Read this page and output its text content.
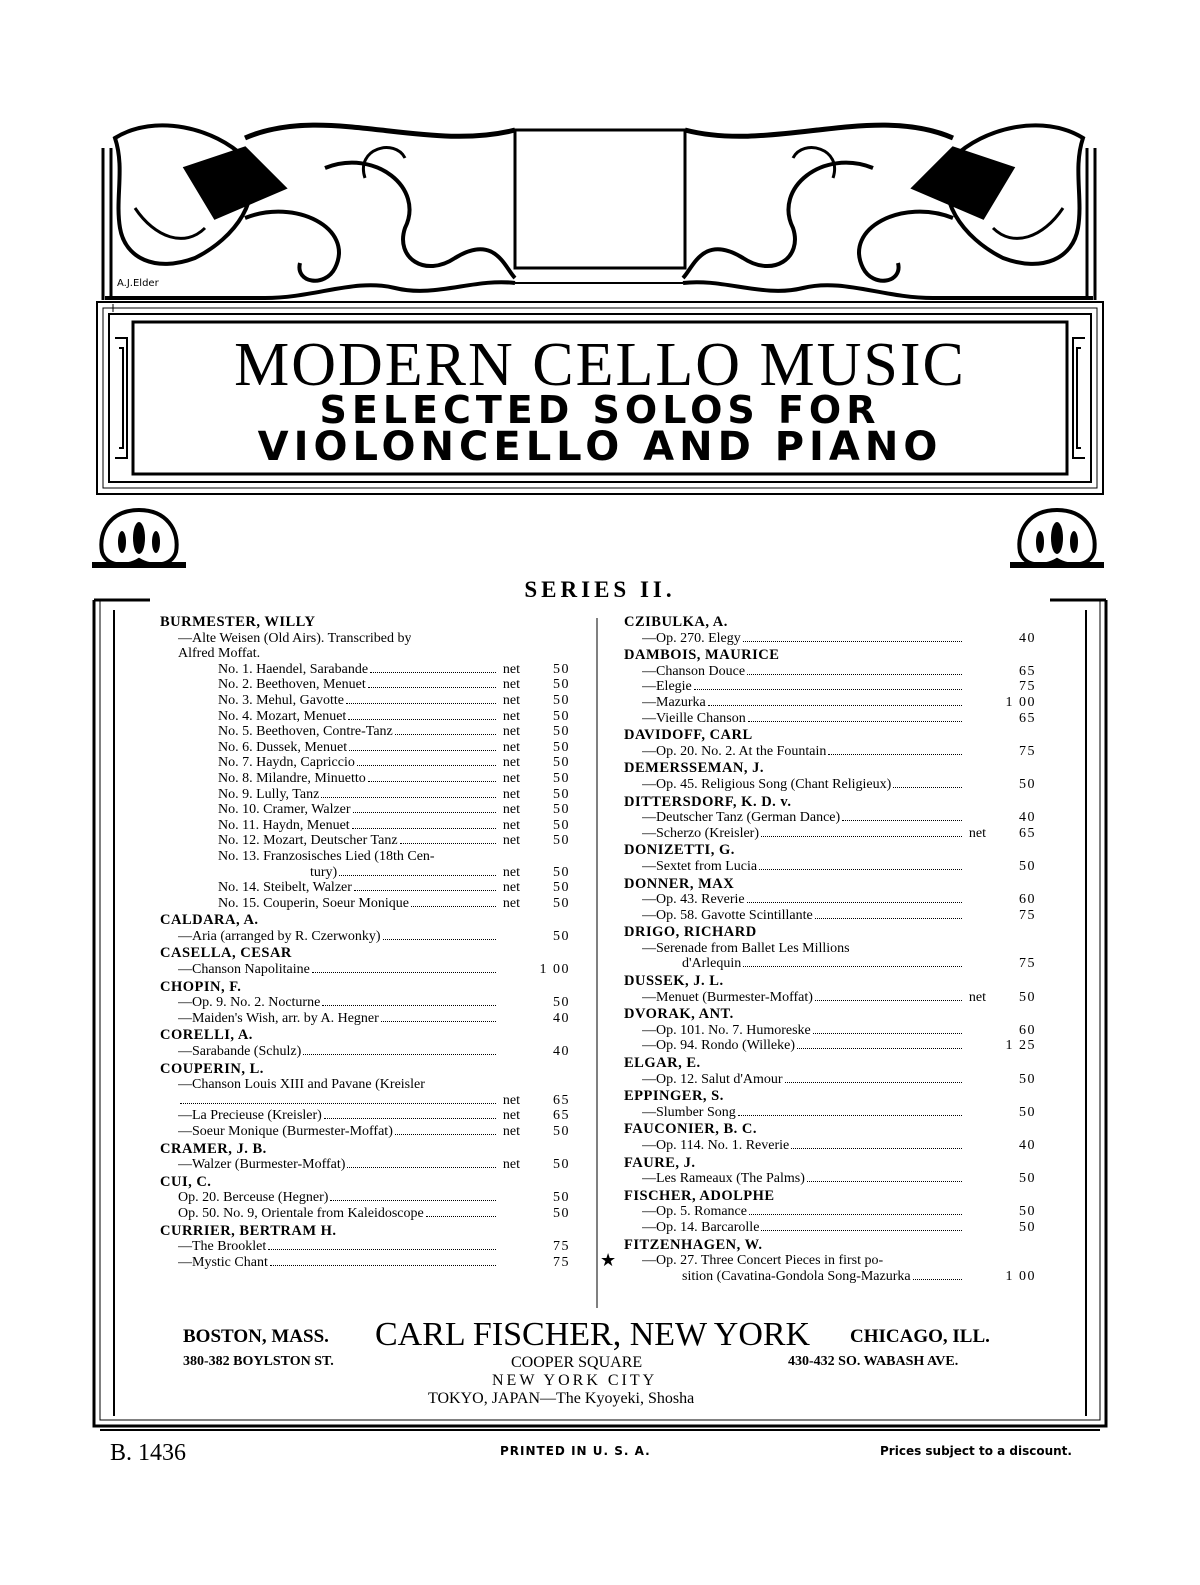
A.J.Elder
MODERN CELLO MUSIC
SELECTED SOLOS FOR
VIOLONCELLO AND PIANO
SERIES II.
BURMESTER, WILLY
—Alte Weisen (Old Airs). Transcribed by
Alfred Moffat.
No. 1. Haendel, Sarabande	net	50
No. 2. Beethoven, Menuet	net	50
No. 3. Mehul, Gavotte	net	50
No. 4. Mozart, Menuet	net	50
No. 5. Beethoven, Contre-Tanz	net	50
No. 6. Dussek, Menuet	net	50
No. 7. Haydn, Capriccio	net	50
No. 8. Milandre, Minuetto	net	50
No. 9. Lully, Tanz	net	50
No. 10. Cramer, Walzer	net	50
No. 11. Haydn, Menuet	net	50
No. 12. Mozart, Deutscher Tanz	net	50
No. 13. Franzosisches Lied (18th Cen-
tury)	net	50
No. 14. Steibelt, Walzer	net	50
No. 15. Couperin, Soeur Monique	net	50
CALDARA, A.
—Aria (arranged by R. Czerwonky)	50
CASELLA, CESAR
—Chanson Napolitaine	1 00
CHOPIN, F.
—Op. 9. No. 2. Nocturne	50
—Maiden's Wish, arr. by A. Hegner	40
CORELLI, A.
—Sarabande (Schulz)	40
COUPERIN, L.
—Chanson Louis XIII and Pavane (Kreisler
net	65
—La Precieuse (Kreisler)	net	65
—Soeur Monique (Burmester-Moffat)	net	50
CRAMER, J. B.
—Walzer (Burmester-Moffat)	net	50
CUI, C.
Op. 20. Berceuse (Hegner)	50
Op. 50. No. 9, Orientale from Kaleidoscope	50
CURRIER, BERTRAM H.
—The Brooklet	75
—Mystic Chant	75
CZIBULKA, A.
—Op. 270. Elegy	40
DAMBOIS, MAURICE
—Chanson Douce	65
—Elegie	75
—Mazurka	1 00
—Vieille Chanson	65
DAVIDOFF, CARL
—Op. 20. No. 2. At the Fountain	75
DEMERSSEMAN, J.
—Op. 45. Religious Song (Chant Religieux)	50
DITTERSDORF, K. D. v.
—Deutscher Tanz (German Dance)	40
—Scherzo (Kreisler)	net	65
DONIZETTI, G.
—Sextet from Lucia	50
DONNER, MAX
—Op. 43. Reverie	60
—Op. 58. Gavotte Scintillante	75
DRIGO, RICHARD
—Serenade from Ballet Les Millions
d'Arlequin	75
DUSSEK, J. L.
—Menuet (Burmester-Moffat)	net	50
DVORAK, ANT.
—Op. 101. No. 7. Humoreske	60
—Op. 94. Rondo (Willeke)	1 25
ELGAR, E.
—Op. 12. Salut d'Amour	50
EPPINGER, S.
—Slumber Song	50
FAUCONIER, B. C.
—Op. 114. No. 1. Reverie	40
FAURE, J.
—Les Rameaux (The Palms)	50
FISCHER, ADOLPHE
—Op. 5. Romance	50
—Op. 14. Barcarolle	50
FITZENHAGEN, W.
★ —Op. 27. Three Concert Pieces in first po-
sition (Cavatina-Gondola Song-Mazurka	1 00
BOSTON, MASS. CARL FISCHER, NEW YORK CHICAGO, ILL.
380-382 BOYLSTON ST.	COOPER SQUARE	430-432 SO. WABASH AVE.
NEW YORK CITY
TOKYO, JAPAN—The Kyoyeki, Shosha
B. 1436	PRINTED IN U. S. A.	Prices subject to a discount.
